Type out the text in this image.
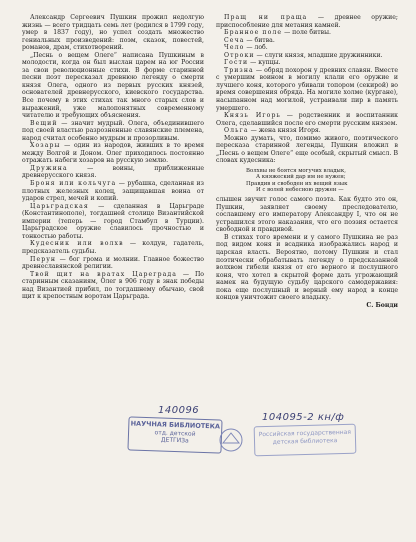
Александр Сергеевич Пушкин прожил недолгую жизнь — всего тридцать семь лет (родился в 1799 году, умер в 1837 году), но успел создать множество гениальных произведений: поэм, сказок, повестей, романов, драм, стихотворений.

„Песнь о вещем Олеге“ написана Пушкиным в молодости, когда он был выслан царем на юг России за свои революционные стихи. В форме старинной песни поэт пересказал древнюю легенду о смерти князя Олега, одного из первых русских князей, основателей древнерусского, киевского государства. Все почему в этих стихах так много старых слов и выражений, уже малопонятных современному читателю и требующих объяснения.

Вещий — значит мудрый. Олега, объединившего под своей властью разрозненные славянские племена, народ считал особенно мудрым и прозорливым.

Хозары — один из народов, живших в то время между Волгой и Доном. Олег приходилось постоянно отражать набеги хозаров на русскую землю.

Дружина	— воины, приближенные древнерусского князя.

Броня или кольчуга — рубашка, сделанная из плотных железных колец, защищавшая воина от ударов стрел, мечей и копий.

Царьградская — сделанная в Царьграде (Константинополе), тогдашней столице Византийской империи (теперь — город Стамбул в Турции). Царьградское оружие славилось прочностью и тонкостью работы.

Кудесник или волхв — колдун, гадатель, предсказатель судьбы.

Перун — бог грома и молнии. Главное божество древнеславянской религии.

Твой щит на вратах Цареграда — По старинным сказаниям, Олег в 906 году в знак победы над Византией прибил, по тогдашнему обычаю, свой щит к крепостным воротам Царьграда.

Пращ ни праща — древнее оружие; приспособление для метания камней.

Бранное поле — поле битвы.

Сеча — битва.

Чело — лоб.

Отроки — слуги князя, младшие дружинники.

Гости — купцы.

Тризна — обряд похорон у древних славян. Вместе с умершим воином в могилу клали его оружие и лучшего коня, которого убивали топором (секирой) во время совершения обряда. На могиле холме (кургане), насыпанном над могилой, устраивали пир в память умершего.

Князь Игорь — родственник и воспитанник Олега, сделавшийся после его смерти русским князем.

Ольга — жена князя Игоря.

Можно думать, что, помимо живого, поэтического пересказа старинной легенды, Пушкин вложил в „Песнь о вещем Олеге“ еще особый, скрытый смысл. В словах кудесника:

Волхвы не боятся могучих владык,
А княжеский дар им не нужен;
Правдив и свободен их вещий язык
И с волей небесною дружен —

слышен звучит голос самого поэта. Как будто это он, Пушкин, заявляет своему преследователю, сославшему его императору Александру I, что он не устрашился этого наказания, что его поэзия остается свободной и правдивой.

В стихах того времени и у самого Пушкина не раз под видом коня и всадника изображались народ и царская власть. Вероятно, потому Пушкин и стал поэтически обрабатывать легенду о предсказанной волхвом гибели князя от его верного и послушного коня, что хотел в скрытой форме дать угрожающий намек на будущую судьбу царского самодержавия: пока еще послушный и верный ему народ в конце концов уничтожит своего владыку.

С. Бонди

140096
НАУЧНАЯ БИБЛИОТЕКА
отд. детской
ДЕТГИЗа
104095-2 кн/ф
Российская государственная
детская библиотека
